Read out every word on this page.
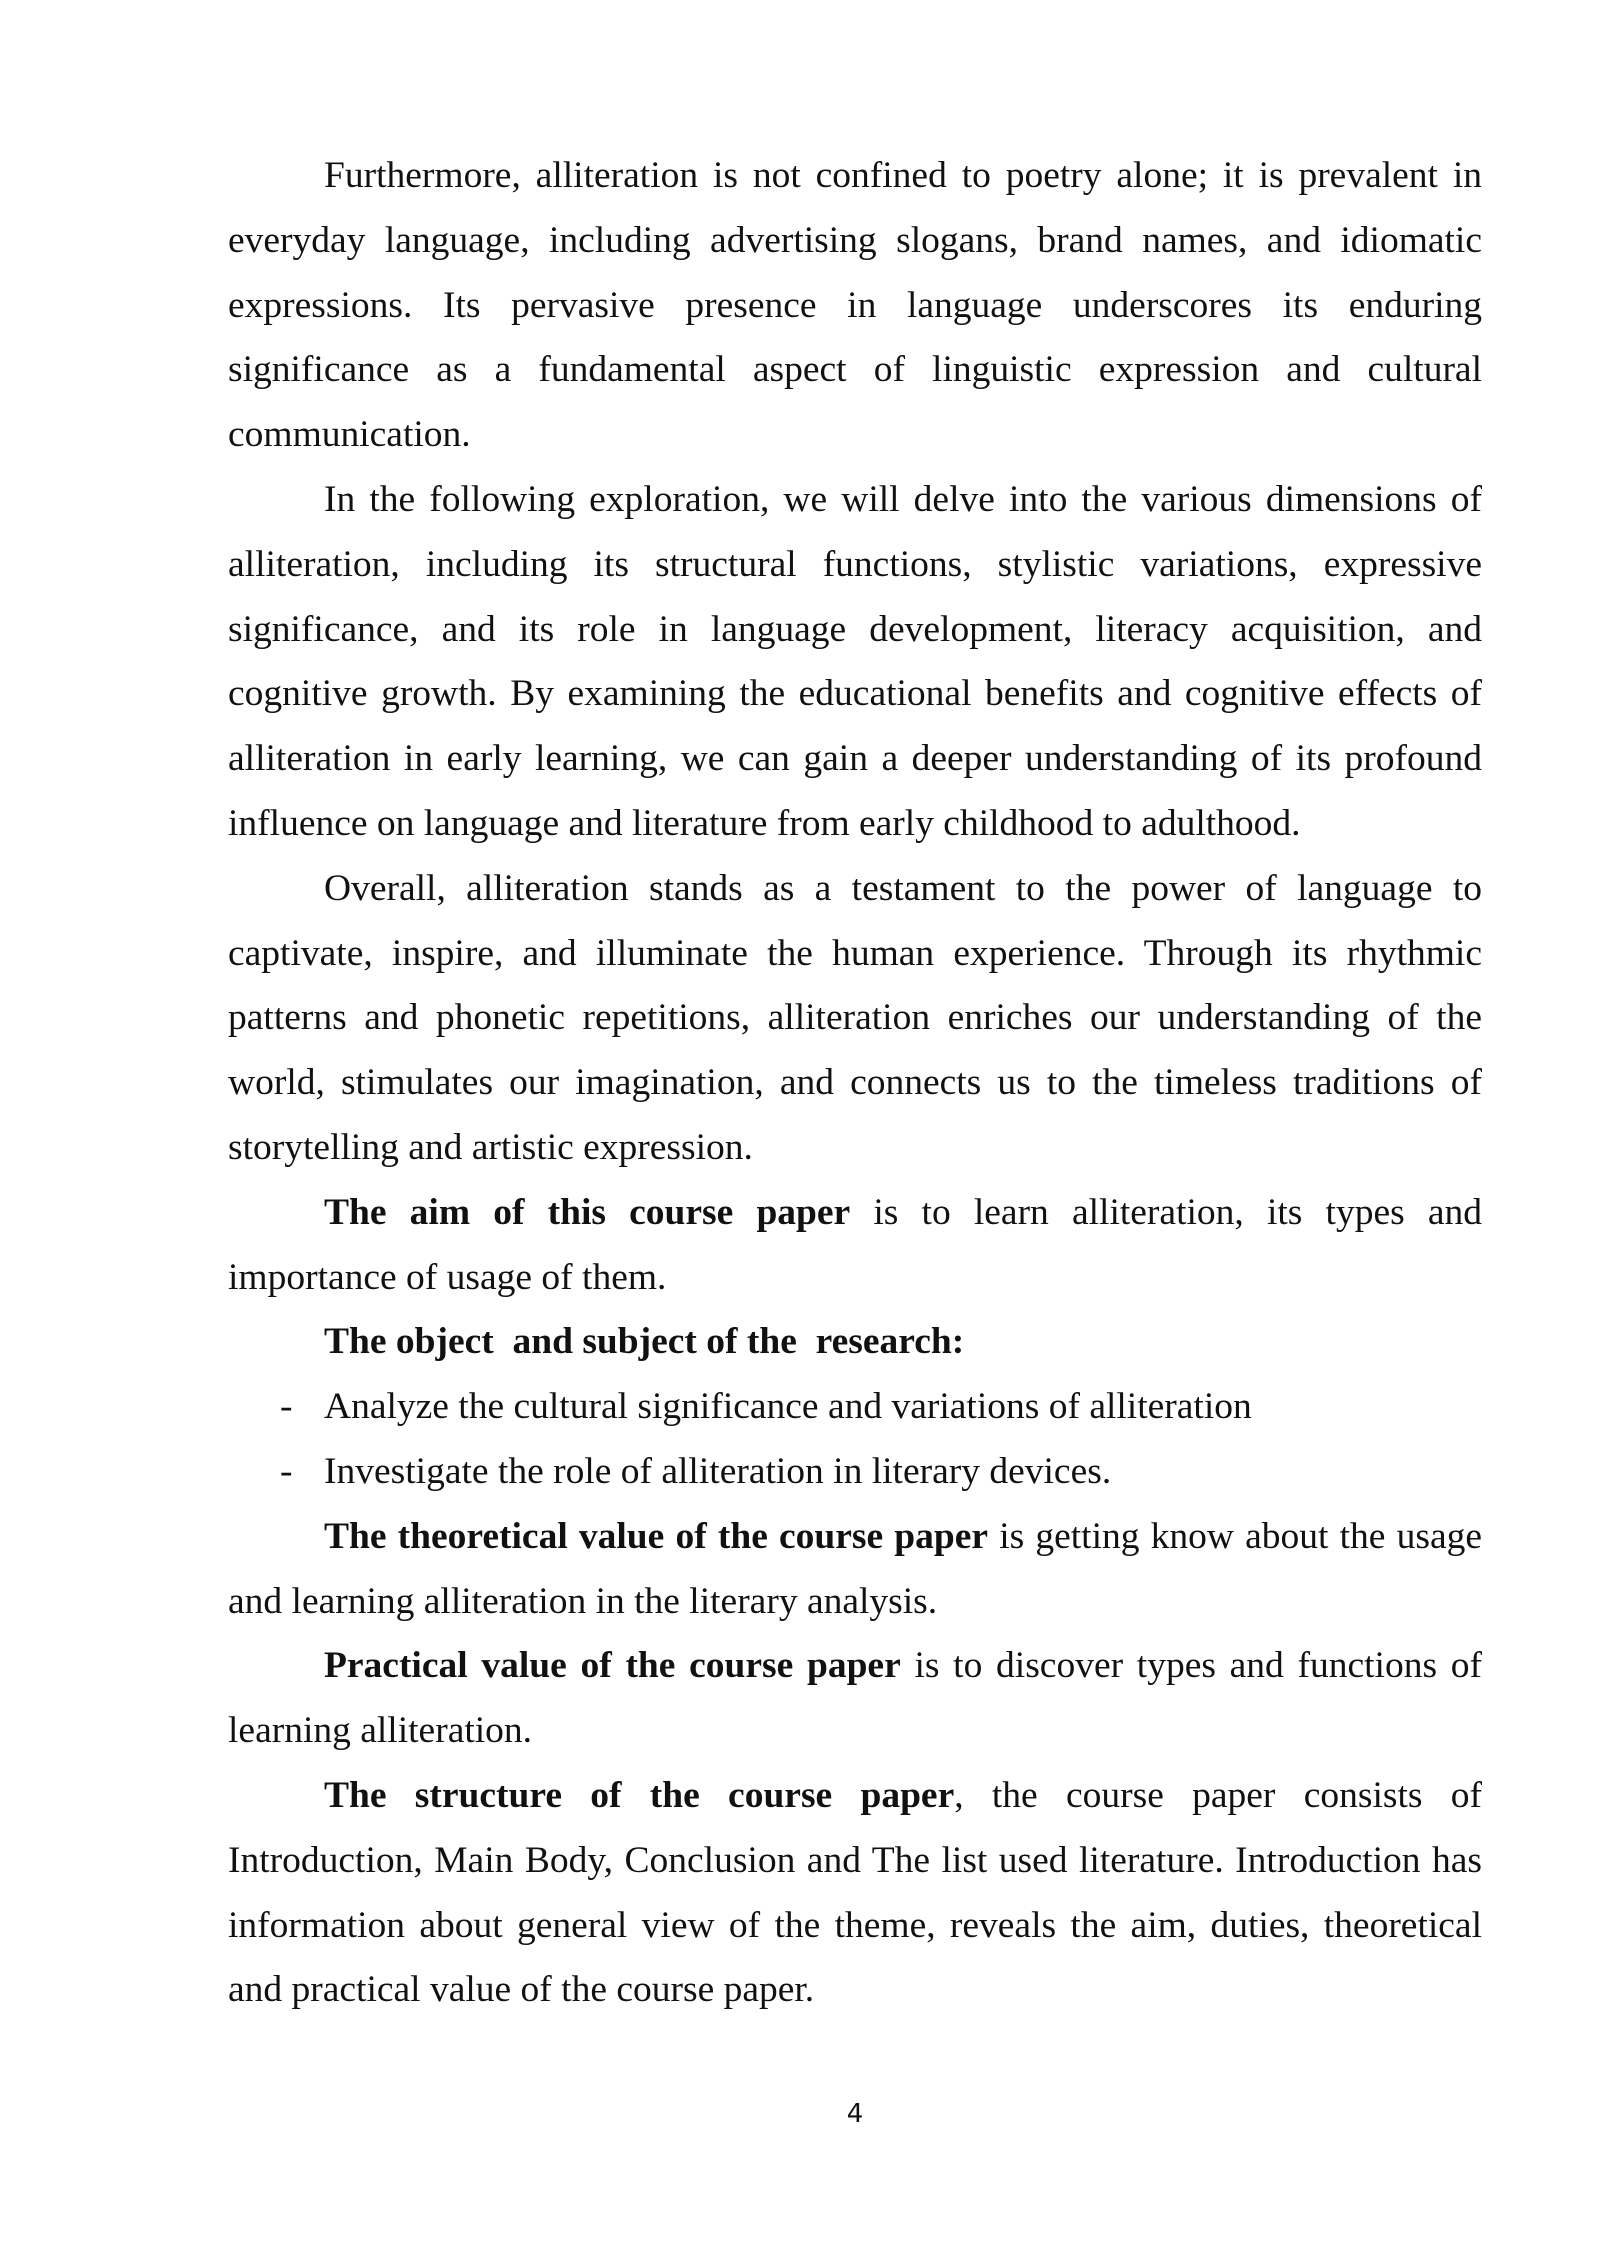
Furthermore, alliteration is not confined to poetry alone; it is prevalent in everyday language, including advertising slogans, brand names, and idiomatic expressions. Its pervasive presence in language underscores its enduring significance as a fundamental aspect of linguistic expression and cultural communication.

In the following exploration, we will delve into the various dimensions of alliteration, including its structural functions, stylistic variations, expressive significance, and its role in language development, literacy acquisition, and cognitive growth. By examining the educational benefits and cognitive effects of alliteration in early learning, we can gain a deeper understanding of its profound influence on language and literature from early childhood to adulthood.

Overall, alliteration stands as a testament to the power of language to captivate, inspire, and illuminate the human experience. Through its rhythmic patterns and phonetic repetitions, alliteration enriches our understanding of the world, stimulates our imagination, and connects us to the timeless traditions of storytelling and artistic expression.

The aim of this course paper is to learn alliteration, its types and importance of usage of them.

The object  and subject of the  research:

- Analyze the cultural significance and variations of alliteration
- Investigate the role of alliteration in literary devices.

The theoretical value of the course paper is getting know about the usage and learning alliteration in the literary analysis.

Practical value of the course paper is to discover types and functions of learning alliteration.

The structure of the course paper, the course paper consists of Introduction, Main Body, Conclusion and The list used literature. Introduction has information about general view of the theme, reveals the aim, duties, theoretical and practical value of the course paper.

4
